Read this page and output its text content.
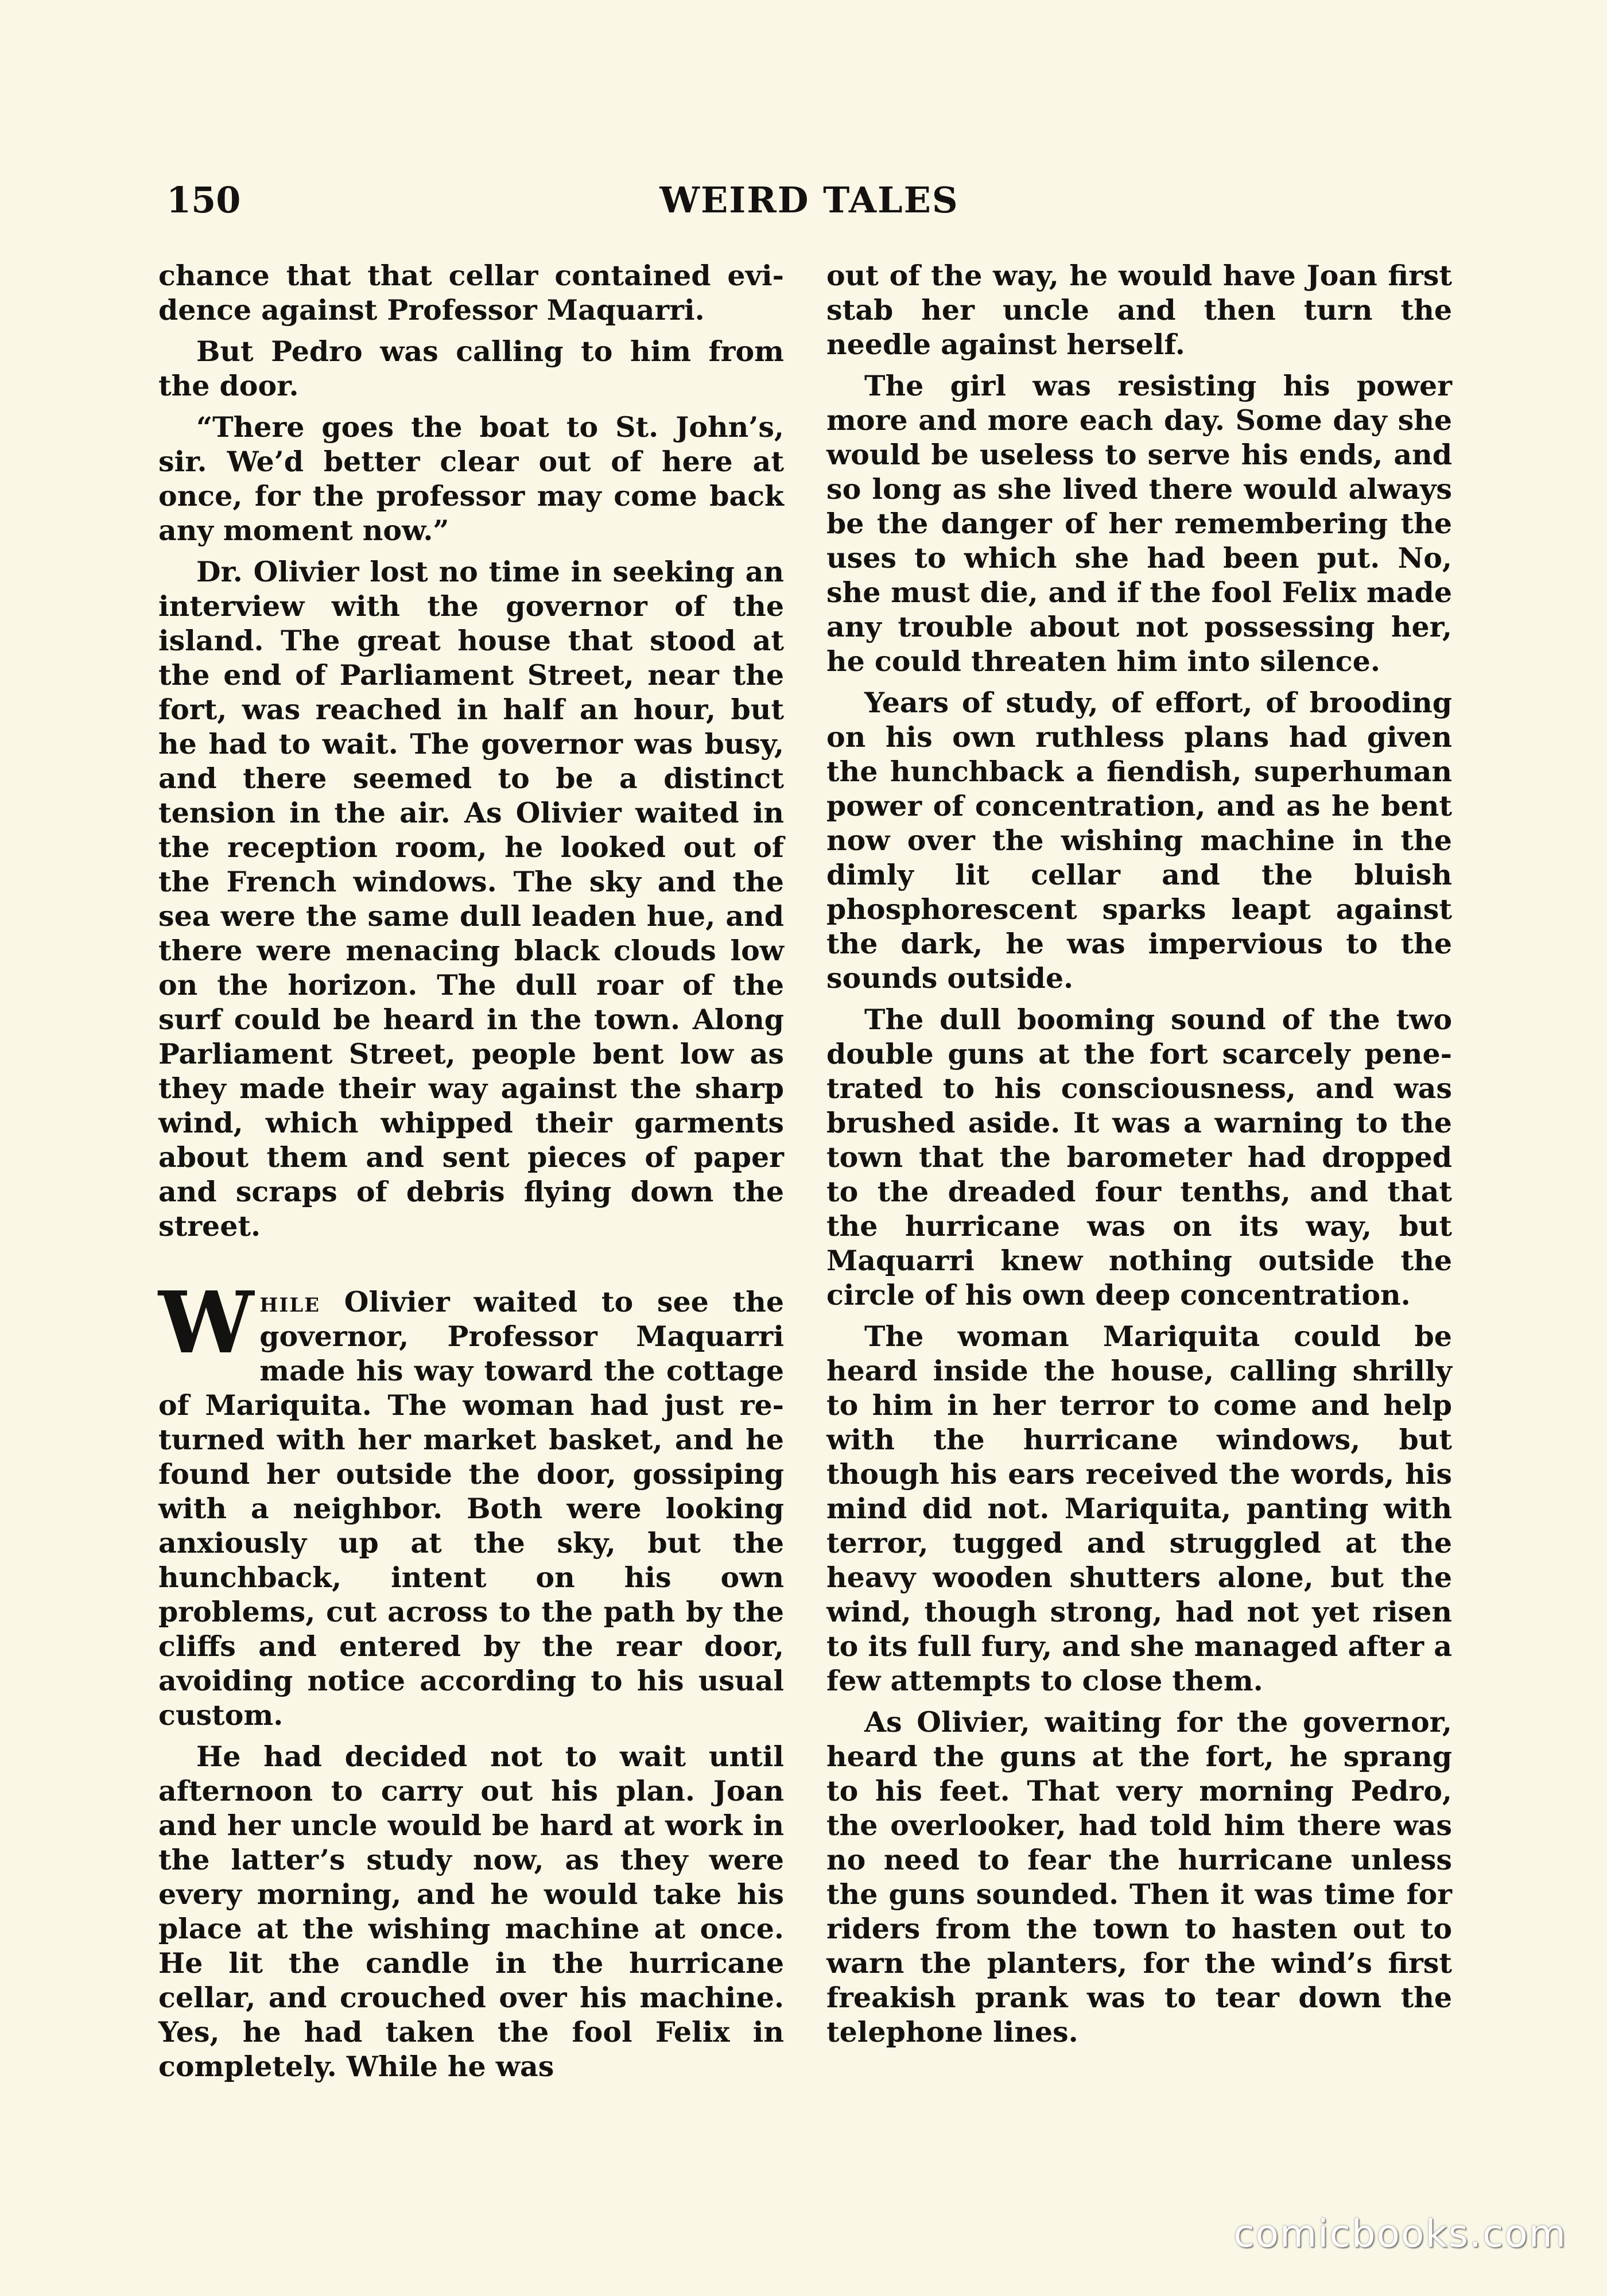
150	WEIRD TALES

chance that that cellar contained evidence against Professor Maquarri.

But Pedro was calling to him from the door.

“There goes the boat to St. John’s, sir. We’d better clear out of here at once, for the professor may come back any moment now.”

Dr. Olivier lost no time in seeking an interview with the governor of the island. The great house that stood at the end of Parliament Street, near the fort, was reached in half an hour, but he had to wait. The governor was busy, and there seemed to be a distinct tension in the air. As Olivier waited in the reception room, he looked out of the French windows. The sky and the sea were the same dull leaden hue, and there were menacing black clouds low on the horizon. The dull roar of the surf could be heard in the town. Along Parliament Street, people bent low as they made their way against the sharp wind, which whipped their garments about them and sent pieces of paper and scraps of debris flying down the street.

While Olivier waited to see the governor, Professor Maquarri made his way toward the cottage of Mariquita. The woman had just returned with her market basket, and he found her outside the door, gossiping with a neighbor. Both were looking anxiously up at the sky, but the hunchback, intent on his own problems, cut across to the path by the cliffs and entered by the rear door, avoiding notice according to his usual custom.

He had decided not to wait until afternoon to carry out his plan. Joan and her uncle would be hard at work in the latter’s study now, as they were every morning, and he would take his place at the wishing machine at once. He lit the candle in the hurricane cellar, and crouched over his machine. Yes, he had taken the fool Felix in completely. While he was

out of the way, he would have Joan first stab her uncle and then turn the needle against herself.

The girl was resisting his power more and more each day. Some day she would be useless to serve his ends, and so long as she lived there would always be the danger of her remembering the uses to which she had been put. No, she must die, and if the fool Felix made any trouble about not possessing her, he could threaten him into silence.

Years of study, of effort, of brooding on his own ruthless plans had given the hunchback a fiendish, superhuman power of concentration, and as he bent now over the wishing machine in the dimly lit cellar and the bluish phosphorescent sparks leapt against the dark, he was impervious to the sounds outside.

The dull booming sound of the two double guns at the fort scarcely penetrated to his consciousness, and was brushed aside. It was a warning to the town that the barometer had dropped to the dreaded four tenths, and that the hurricane was on its way, but Maquarri knew nothing outside the circle of his own deep concentration.

The woman Mariquita could be heard inside the house, calling shrilly to him in her terror to come and help with the hurricane windows, but though his ears received the words, his mind did not. Mariquita, panting with terror, tugged and struggled at the heavy wooden shutters alone, but the wind, though strong, had not yet risen to its full fury, and she managed after a few attempts to close them.

As Olivier, waiting for the governor, heard the guns at the fort, he sprang to his feet. That very morning Pedro, the overlooker, had told him there was no need to fear the hurricane unless the guns sounded. Then it was time for riders from the town to hasten out to warn the planters, for the wind’s first freakish prank was to tear down the telephone lines.

comicbooks.com
